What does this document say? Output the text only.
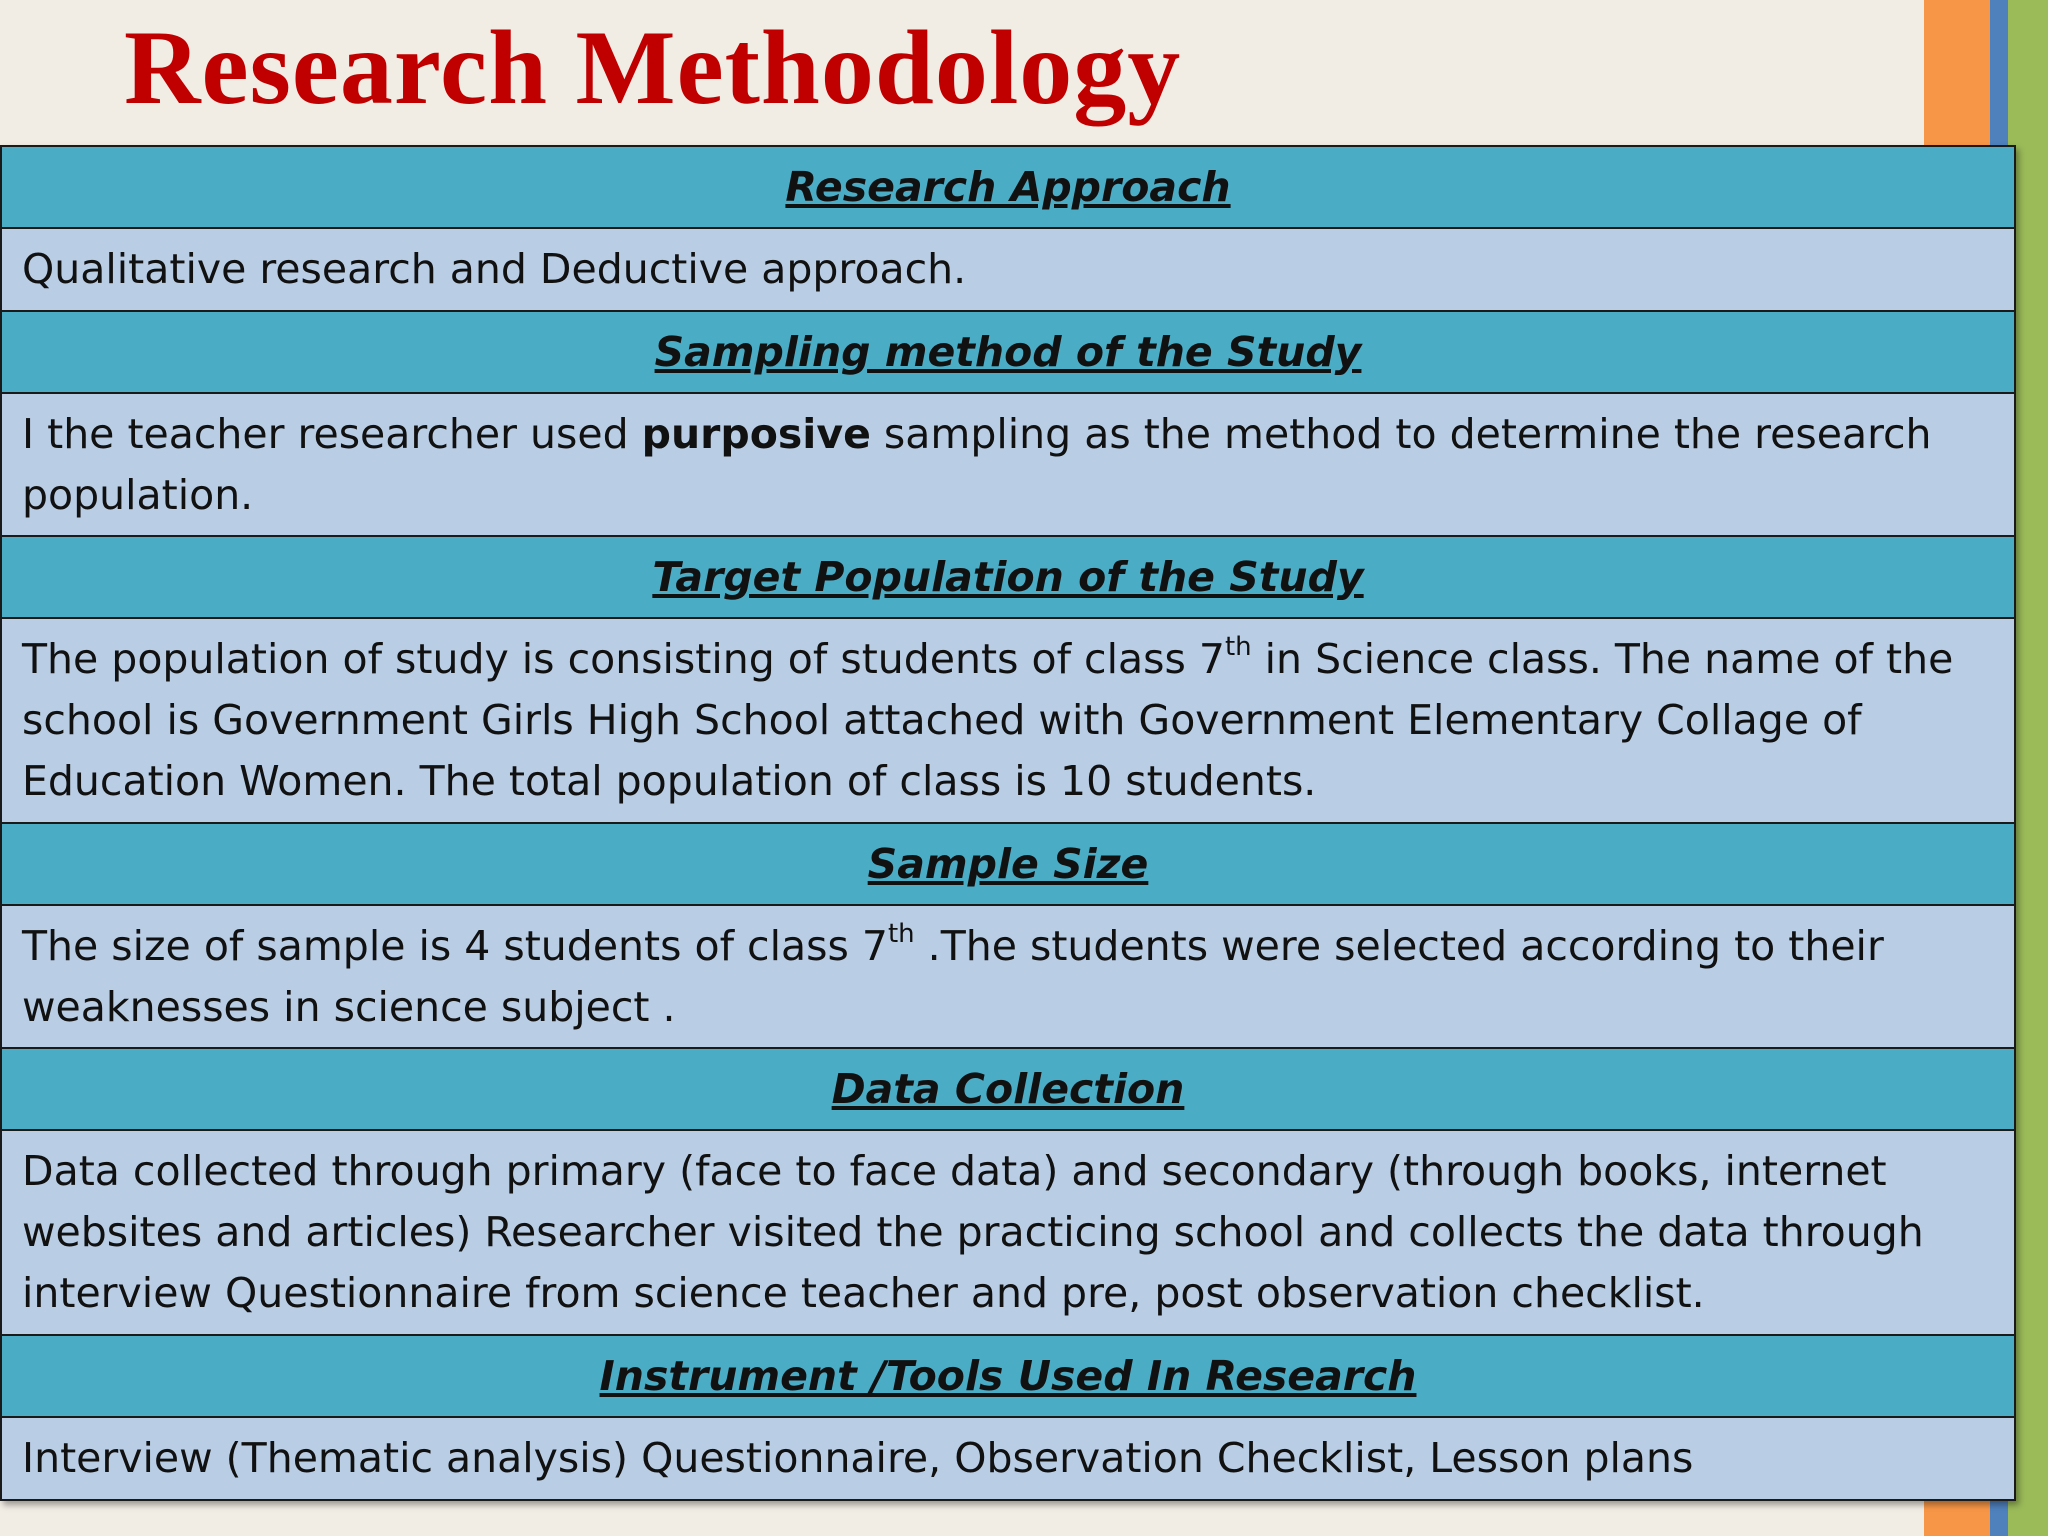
Research Methodology
Research Approach
Qualitative research and Deductive approach.
Sampling method of the Study
I the teacher researcher used purposive sampling as the method to determine the research population.
Target Population of the Study
The population of study is consisting of students of class 7th in Science class. The name of the school is Government Girls High School attached with Government Elementary Collage of Education Women. The total population of class is 10 students.
Sample Size
The size of sample is 4 students of class 7th .The students were selected according to their weaknesses in science subject .
Data Collection
Data collected through primary (face to face data) and secondary (through books, internet websites and articles) Researcher visited the practicing school and collects the data through interview Questionnaire from science teacher and pre, post observation checklist.
Instrument /Tools Used In Research
Interview (Thematic analysis) Questionnaire, Observation Checklist, Lesson plans
